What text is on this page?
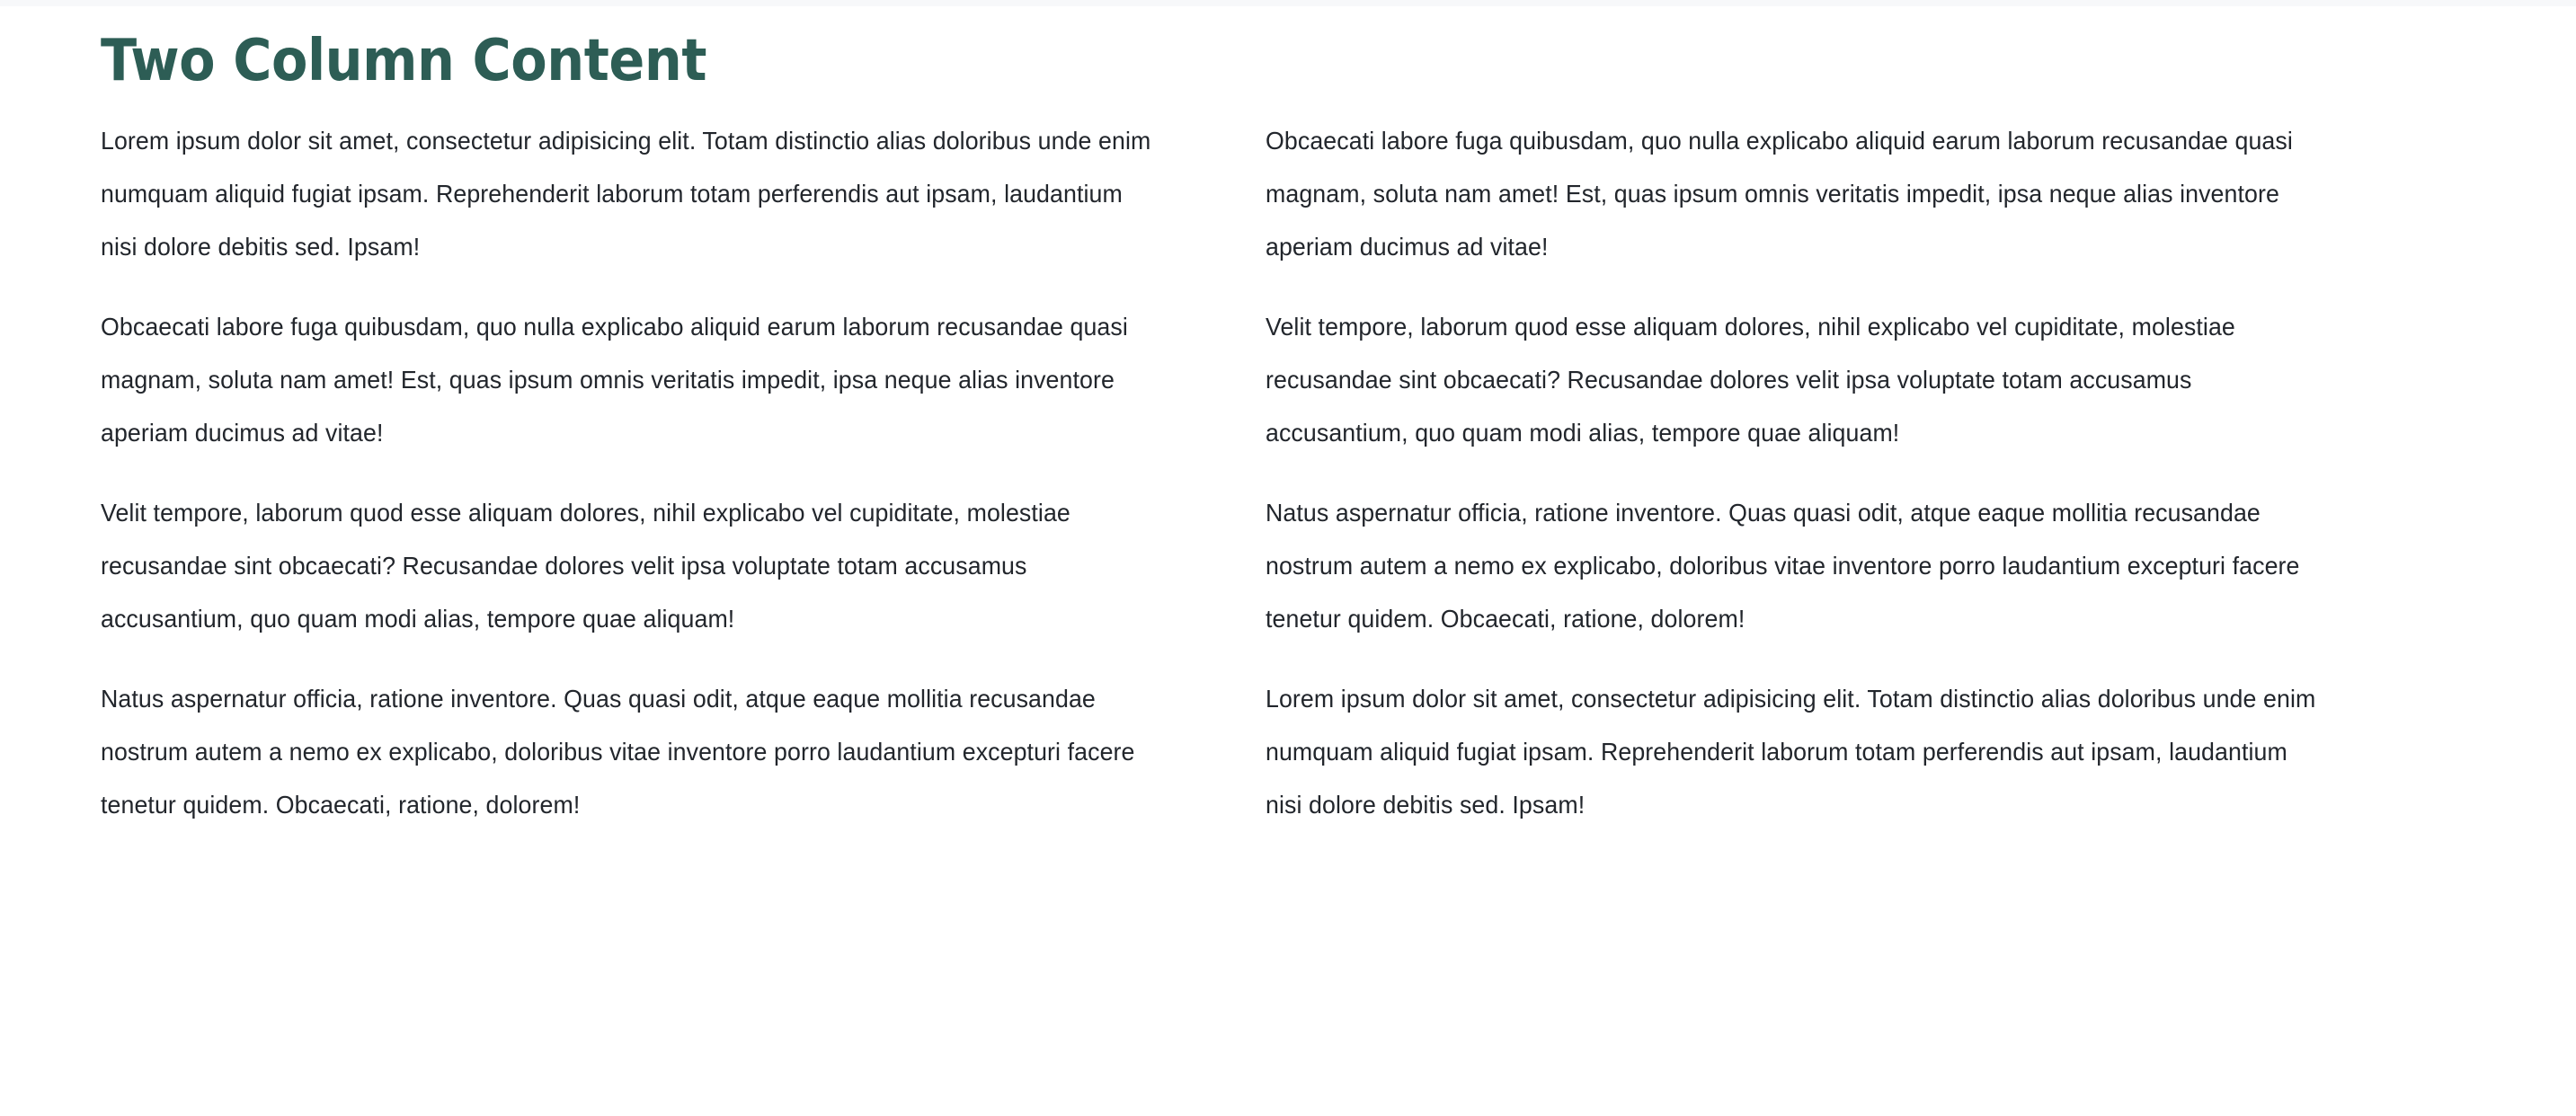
Two Column Content

Lorem ipsum dolor sit amet, consectetur adipisicing elit. Totam distinctio alias doloribus unde enim numquam aliquid fugiat ipsam. Reprehenderit laborum totam perferendis aut ipsam, laudantium nisi dolore debitis sed. Ipsam!

Obcaecati labore fuga quibusdam, quo nulla explicabo aliquid earum laborum recusandae quasi magnam, soluta nam amet! Est, quas ipsum omnis veritatis impedit, ipsa neque alias inventore aperiam ducimus ad vitae!

Velit tempore, laborum quod esse aliquam dolores, nihil explicabo vel cupiditate, molestiae recusandae sint obcaecati? Recusandae dolores velit ipsa voluptate totam accusamus accusantium, quo quam modi alias, tempore quae aliquam!

Natus aspernatur officia, ratione inventore. Quas quasi odit, atque eaque mollitia recusandae nostrum autem a nemo ex explicabo, doloribus vitae inventore porro laudantium excepturi facere tenetur quidem. Obcaecati, ratione, dolorem!

Obcaecati labore fuga quibusdam, quo nulla explicabo aliquid earum laborum recusandae quasi magnam, soluta nam amet! Est, quas ipsum omnis veritatis impedit, ipsa neque alias inventore aperiam ducimus ad vitae!

Velit tempore, laborum quod esse aliquam dolores, nihil explicabo vel cupiditate, molestiae recusandae sint obcaecati? Recusandae dolores velit ipsa voluptate totam accusamus accusantium, quo quam modi alias, tempore quae aliquam!

Natus aspernatur officia, ratione inventore. Quas quasi odit, atque eaque mollitia recusandae nostrum autem a nemo ex explicabo, doloribus vitae inventore porro laudantium excepturi facere tenetur quidem. Obcaecati, ratione, dolorem!

Lorem ipsum dolor sit amet, consectetur adipisicing elit. Totam distinctio alias doloribus unde enim numquam aliquid fugiat ipsam. Reprehenderit laborum totam perferendis aut ipsam, laudantium nisi dolore debitis sed. Ipsam!
